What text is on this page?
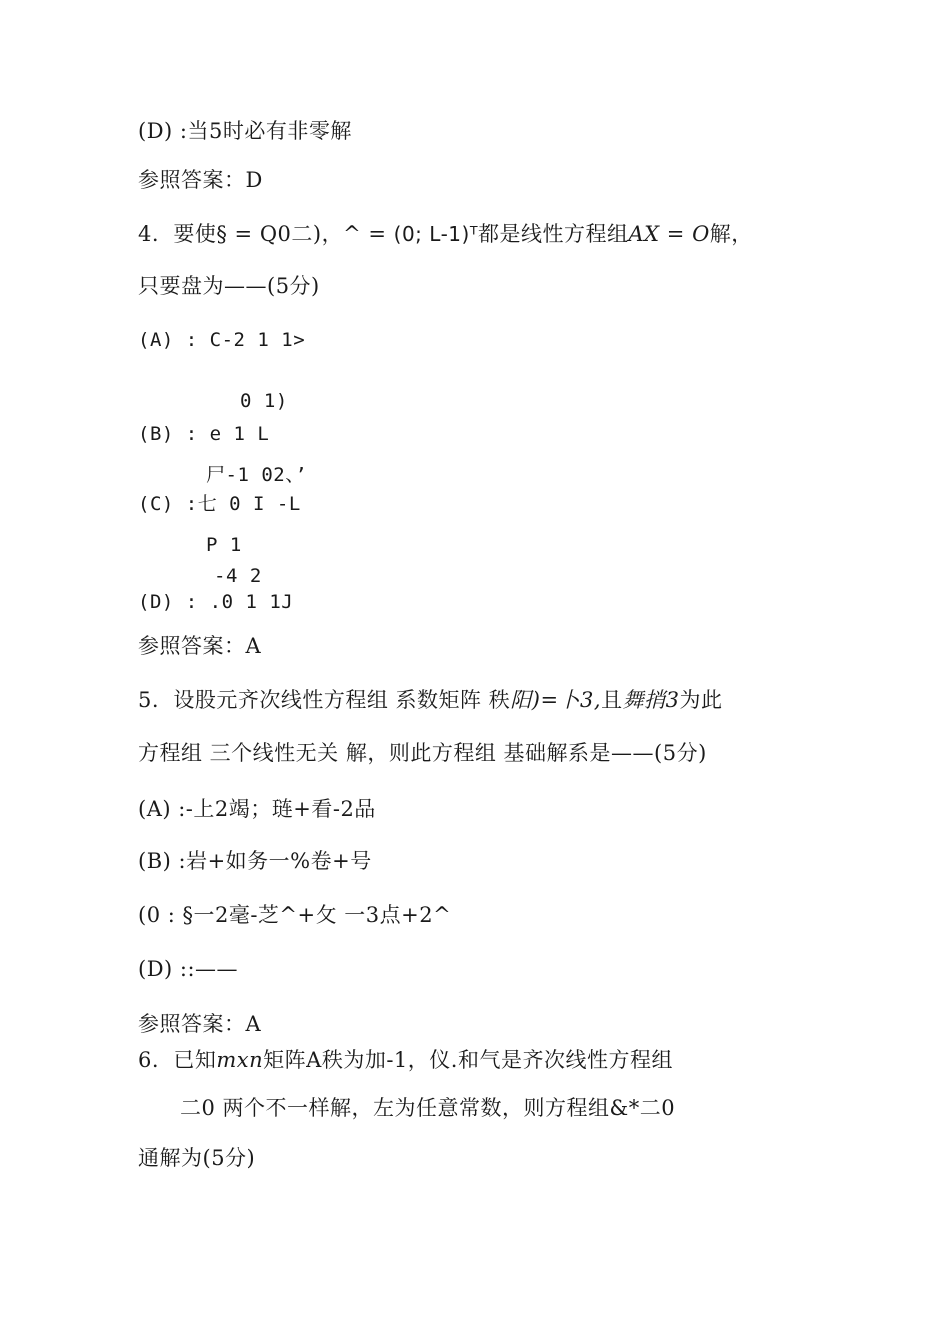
(D) :当5时必有非零解
参照答案：D
4.  要使§ = Q0二)，^ = (0; L-1)ᵀ都是线性方程组AX = O解，
只要盘为——(5分)
(A) : C-2 1 1>
0 1)
(B) : e 1 L
尸-1 02、’
(C) :七 0 I -L
P 1
-4 2
(D) : .0 1 1J
参照答案：A
5.  设股元齐次线性方程组 系数矩阵 秩阳)=卜3,且舞捎3为此
方程组 三个线性无关 解，则此方程组 基础解系是——(5分)
(A) :-上2竭；琏+看-2品
(B) :岩+如务一%卷+号
(0 : §一2毫-芝^+攵 一3点+2^
(D) ::——
参照答案：A
6.  已知mxn矩阵A秩为加-1，仪.和气是齐次线性方程组
二0 两个不一样解，左为任意常数，则方程组&*二0
通解为(5分)
